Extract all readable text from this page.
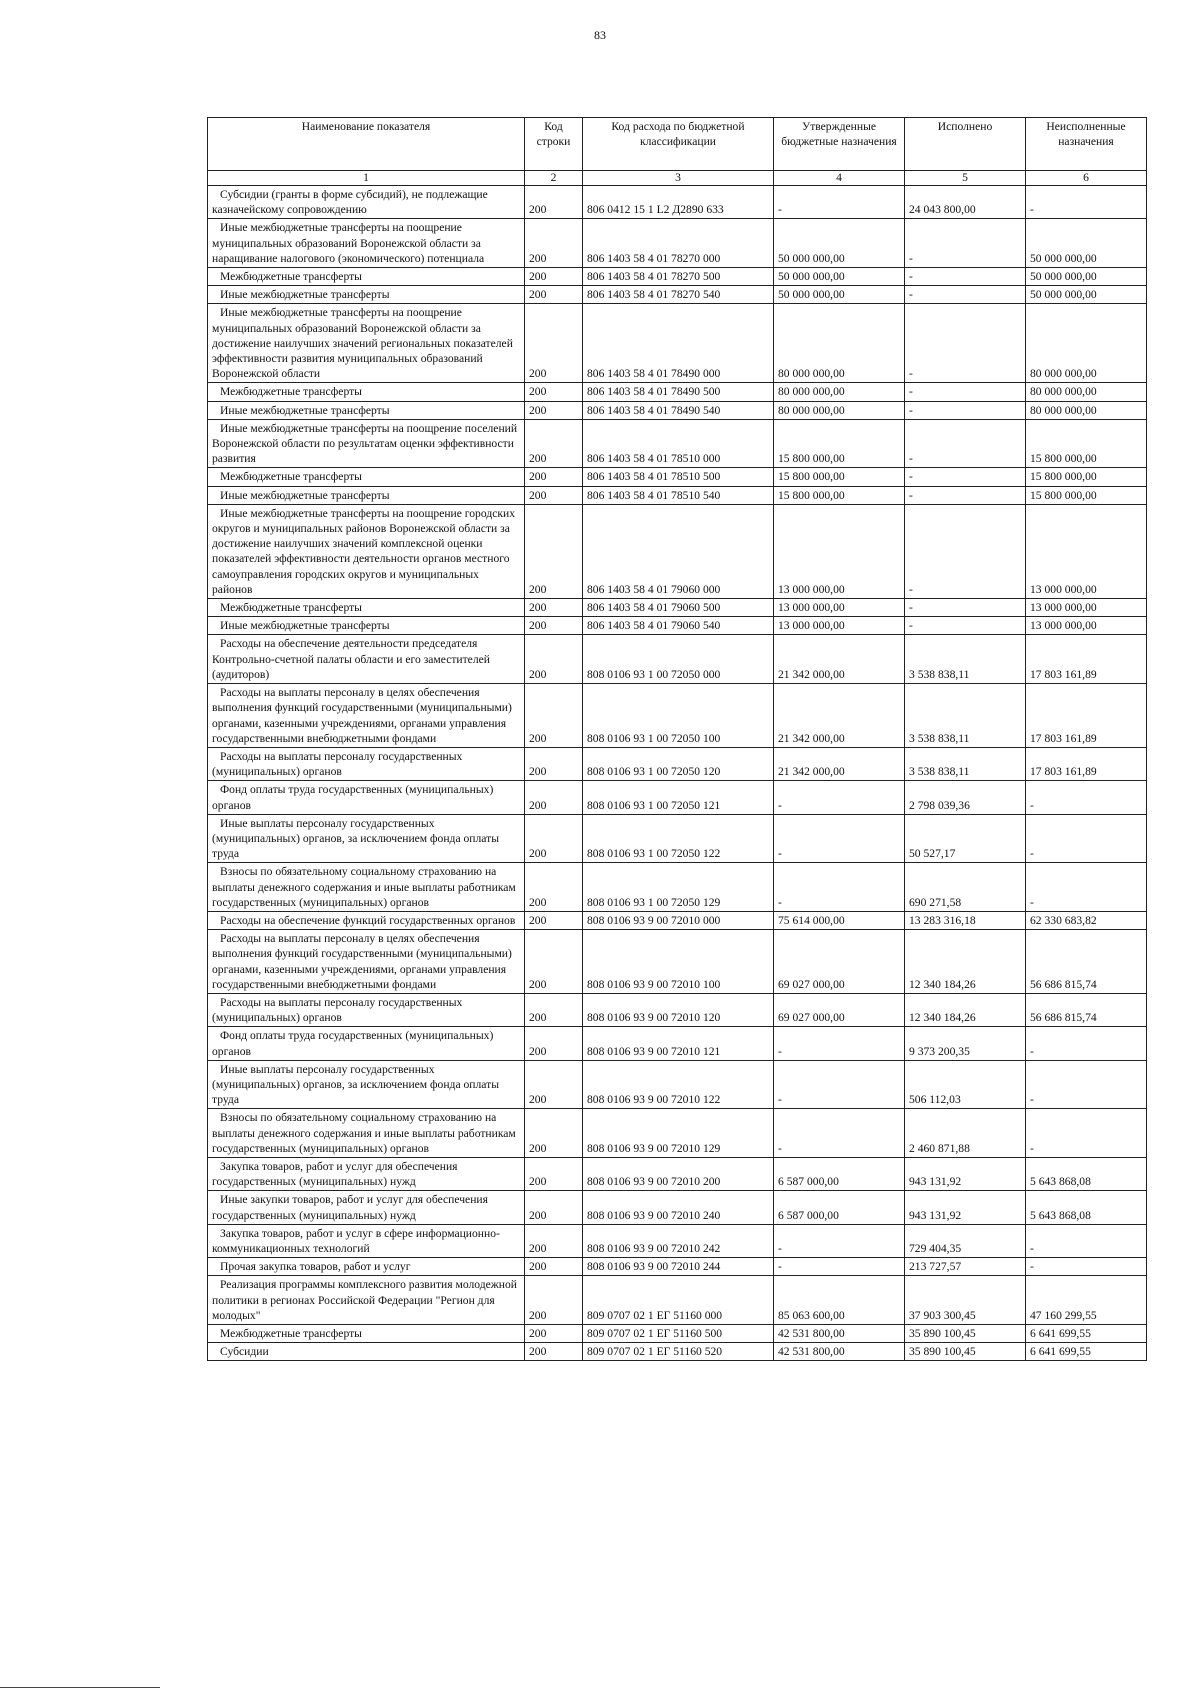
83
Наименование показателя	Код строки	Код расхода по бюджетной классификации	Утвержденные бюджетные назначения	Исполнено	Неисполненные назначения
1	2	3	4	5	6

Субсидии (гранты в форме субсидий), не подлежащие казначейскому сопровождению	200	806 0412 15 1 L2 Д2890 633	-	24 043 800,00	-

Иные межбюджетные трансферты на поощрение муниципальных образований Воронежской области за наращивание налогового (экономического) потенциала	200	806 1403 58 4 01 78270 000	50 000 000,00	-	50 000 000,00

Межбюджетные трансферты	200	806 1403 58 4 01 78270 500	50 000 000,00	-	50 000 000,00

Иные межбюджетные трансферты	200	806 1403 58 4 01 78270 540	50 000 000,00	-	50 000 000,00

Иные межбюджетные трансферты на поощрение муниципальных образований Воронежской области за достижение наилучших значений региональных показателей эффективности развития муниципальных образований Воронежской области	200	806 1403 58 4 01 78490 000	80 000 000,00	-	80 000 000,00

Межбюджетные трансферты	200	806 1403 58 4 01 78490 500	80 000 000,00	-	80 000 000,00

Иные межбюджетные трансферты	200	806 1403 58 4 01 78490 540	80 000 000,00	-	80 000 000,00

Иные межбюджетные трансферты на поощрение поселений Воронежской области по результатам оценки эффективности развития	200	806 1403 58 4 01 78510 000	15 800 000,00	-	15 800 000,00

Межбюджетные трансферты	200	806 1403 58 4 01 78510 500	15 800 000,00	-	15 800 000,00

Иные межбюджетные трансферты	200	806 1403 58 4 01 78510 540	15 800 000,00	-	15 800 000,00

Иные межбюджетные трансферты на поощрение городских округов и муниципальных районов Воронежской области за достижение наилучших значений комплексной оценки показателей эффективности деятельности органов местного самоуправления городских округов и муниципальных районов	200	806 1403 58 4 01 79060 000	13 000 000,00	-	13 000 000,00

Межбюджетные трансферты	200	806 1403 58 4 01 79060 500	13 000 000,00	-	13 000 000,00

Иные межбюджетные трансферты	200	806 1403 58 4 01 79060 540	13 000 000,00	-	13 000 000,00

Расходы на обеспечение деятельности председателя Контрольно-счетной палаты области и его заместителей (аудиторов)	200	808 0106 93 1 00 72050 000	21 342 000,00	3 538 838,11	17 803 161,89

Расходы на выплаты персоналу в целях обеспечения выполнения функций государственными (муниципальными) органами, казенными учреждениями, органами управления государственными внебюджетными фондами	200	808 0106 93 1 00 72050 100	21 342 000,00	3 538 838,11	17 803 161,89

Расходы на выплаты персоналу государственных (муниципальных) органов	200	808 0106 93 1 00 72050 120	21 342 000,00	3 538 838,11	17 803 161,89

Фонд оплаты труда государственных (муниципальных) органов	200	808 0106 93 1 00 72050 121	-	2 798 039,36	-

Иные выплаты персоналу государственных (муниципальных) органов, за исключением фонда оплаты труда	200	808 0106 93 1 00 72050 122	-	50 527,17	-

Взносы по обязательному социальному страхованию на выплаты денежного содержания и иные выплаты работникам государственных (муниципальных) органов	200	808 0106 93 1 00 72050 129	-	690 271,58	-

Расходы на обеспечение функций государственных органов	200	808 0106 93 9 00 72010 000	75 614 000,00	13 283 316,18	62 330 683,82

Расходы на выплаты персоналу в целях обеспечения выполнения функций государственными (муниципальными) органами, казенными учреждениями, органами управления государственными внебюджетными фондами	200	808 0106 93 9 00 72010 100	69 027 000,00	12 340 184,26	56 686 815,74

Расходы на выплаты персоналу государственных (муниципальных) органов	200	808 0106 93 9 00 72010 120	69 027 000,00	12 340 184,26	56 686 815,74

Фонд оплаты труда государственных (муниципальных) органов	200	808 0106 93 9 00 72010 121	-	9 373 200,35	-

Иные выплаты персоналу государственных (муниципальных) органов, за исключением фонда оплаты труда	200	808 0106 93 9 00 72010 122	-	506 112,03	-

Взносы по обязательному социальному страхованию на выплаты денежного содержания и иные выплаты работникам государственных (муниципальных) органов	200	808 0106 93 9 00 72010 129	-	2 460 871,88	-

Закупка товаров, работ и услуг для обеспечения государственных (муниципальных) нужд	200	808 0106 93 9 00 72010 200	6 587 000,00	943 131,92	5 643 868,08

Иные закупки товаров, работ и услуг для обеспечения государственных (муниципальных) нужд	200	808 0106 93 9 00 72010 240	6 587 000,00	943 131,92	5 643 868,08

Закупка товаров, работ и услуг в сфере информационно-коммуникационных технологий	200	808 0106 93 9 00 72010 242	-	729 404,35	-

Прочая закупка товаров, работ и услуг	200	808 0106 93 9 00 72010 244	-	213 727,57	-

Реализация программы комплексного развития молодежной политики в регионах Российской Федерации "Регион для молодых"	200	809 0707 02 1 ЕГ 51160 000	85 063 600,00	37 903 300,45	47 160 299,55

Межбюджетные трансферты	200	809 0707 02 1 ЕГ 51160 500	42 531 800,00	35 890 100,45	6 641 699,55

Субсидии	200	809 0707 02 1 ЕГ 51160 520	42 531 800,00	35 890 100,45	6 641 699,55
